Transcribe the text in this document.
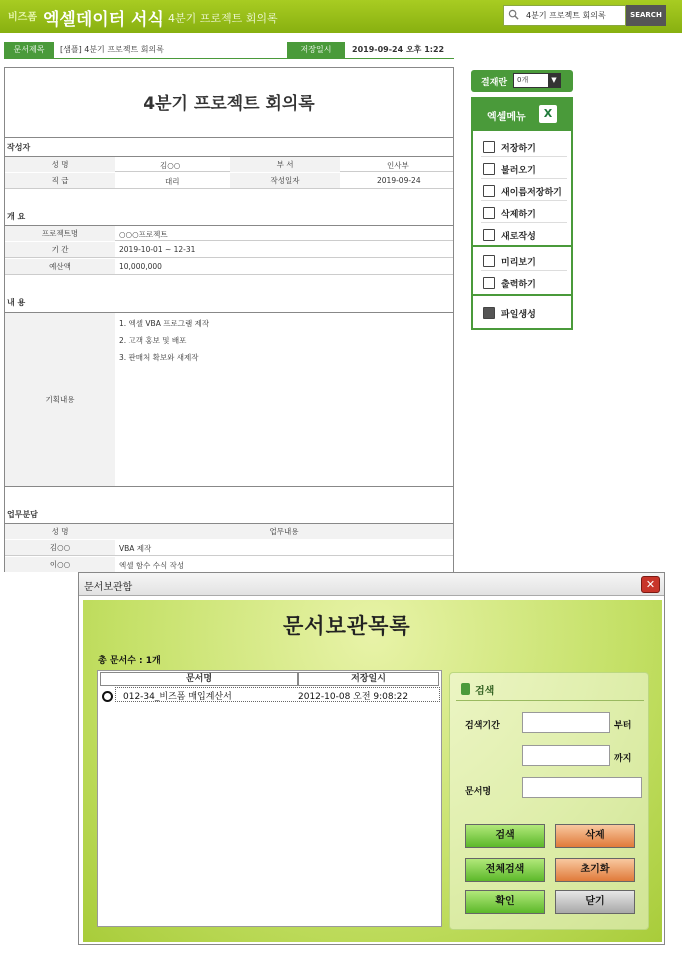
비즈폼 엑셀데이터 서식 4분기 프로젝트 회의록	4분기 프로젝트 회의록	SEARCH
문서제목	[샘플] 4분기 프로젝트 회의록	저장일시	2019-09-24 오후 1:22
4분기 프로젝트 회의록
작성자
성 명	김○○	부 서	인사부
직 급	대리	작성일자	2019-09-24
개 요
프로젝트명	○○○프로젝트
기 간	2019-10-01 ~ 12-31
예산액	10,000,000
내 용
기획내용
1. 엑셀 VBA 프로그램 제작
2. 고객 홍보 및 배포
3. 판매처 확보와 새제작
업무분담
성 명	업무내용
김○○	VBA 제작
이○○	엑셀 함수 수식 작성
결재란	0개	▼
엑셀메뉴	X
저장하기
불러오기
새이름저장하기
삭제하기
새로작성
미리보기
출력하기
파일생성
문서보관함	✕
문서보관목록
총 문서수 : 1개
문서명	저장일시
012-34_비즈폼 매입계산서	2012-10-08 오전 9:08:22	검색
검색기간	부터
까지
문서명
검색	삭제
전체검색	초기화
확인	닫기
